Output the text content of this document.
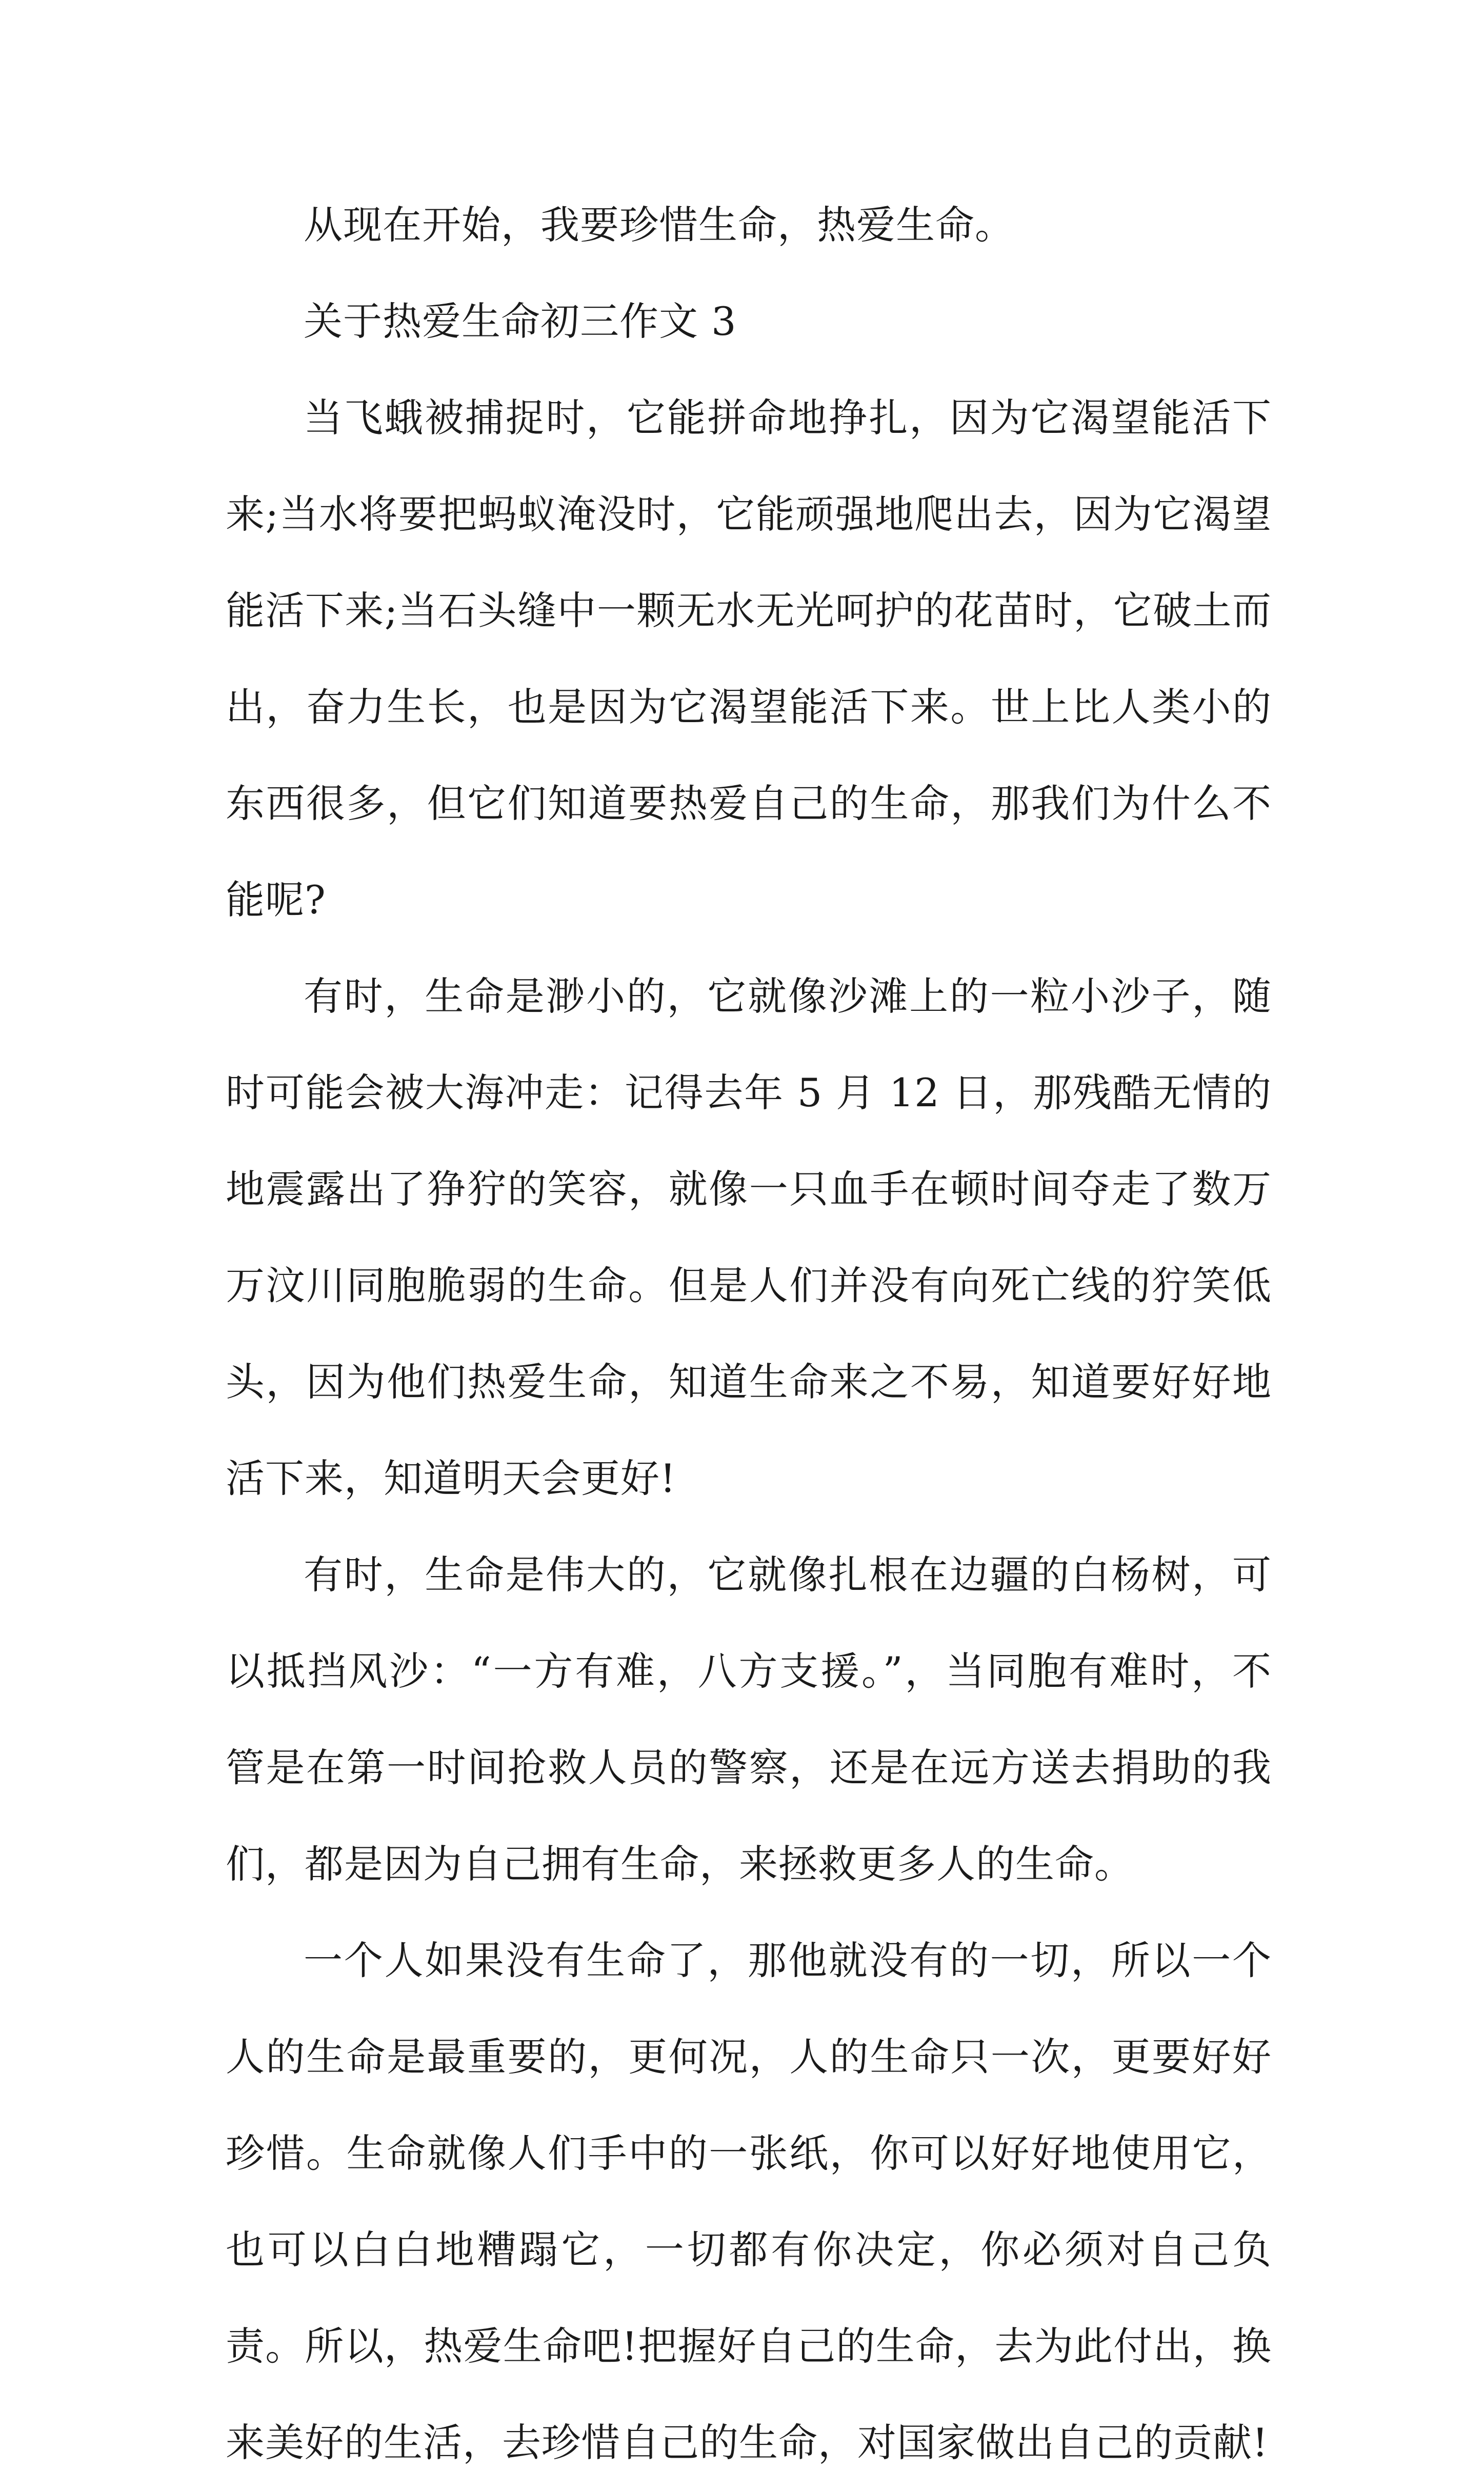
从现在开始，我要珍惜生命，热爱生命。

关于热爱生命初三作文 3

当飞蛾被捕捉时，它能拼命地挣扎，因为它渴望能活下来;当水将要把蚂蚁淹没时，它能顽强地爬出去，因为它渴望能活下来;当石头缝中一颗无水无光呵护的花苗时，它破土而出，奋力生长，也是因为它渴望能活下来。世上比人类小的东西很多，但它们知道要热爱自己的生命，那我们为什么不能呢?

有时，生命是渺小的，它就像沙滩上的一粒小沙子，随时可能会被大海冲走：记得去年 5 月 12 日，那残酷无情的地震露出了狰狞的笑容，就像一只血手在顿时间夺走了数万万汶川同胞脆弱的生命。但是人们并没有向死亡线的狞笑低头，因为他们热爱生命，知道生命来之不易，知道要好好地活下来，知道明天会更好!

有时，生命是伟大的，它就像扎根在边疆的白杨树，可以抵挡风沙：“一方有难，八方支援。”，当同胞有难时，不管是在第一时间抢救人员的警察，还是在远方送去捐助的我们，都是因为自己拥有生命，来拯救更多人的生命。

一个人如果没有生命了，那他就没有的一切，所以一个人的生命是最重要的，更何况，人的生命只一次，更要好好珍惜。生命就像人们手中的一张纸，你可以好好地使用它，也可以白白地糟蹋它，一切都有你决定，你必须对自己负责。所以，热爱生命吧!把握好自己的生命，去为此付出，换来美好的生活，去珍惜自己的生命，对国家做出自己的贡献!
